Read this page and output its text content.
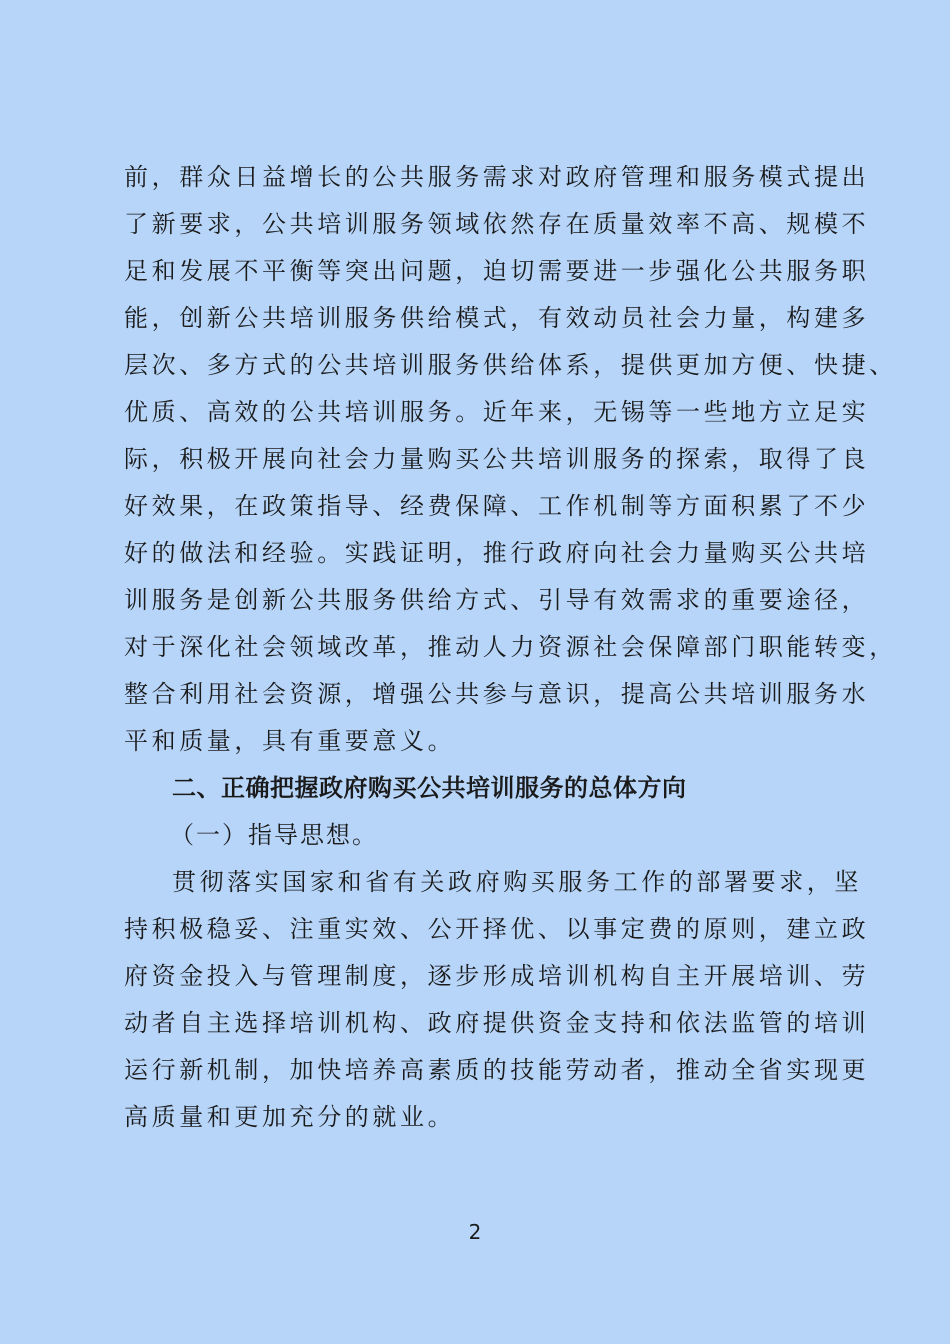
前，群众日益增长的公共服务需求对政府管理和服务模式提出
了新要求，公共培训服务领域依然存在质量效率不高、规模不
足和发展不平衡等突出问题，迫切需要进一步强化公共服务职
能，创新公共培训服务供给模式，有效动员社会力量，构建多
层次、多方式的公共培训服务供给体系，提供更加方便、快捷、
优质、高效的公共培训服务。近年来，无锡等一些地方立足实
际，积极开展向社会力量购买公共培训服务的探索，取得了良
好效果，在政策指导、经费保障、工作机制等方面积累了不少
好的做法和经验。实践证明，推行政府向社会力量购买公共培
训服务是创新公共服务供给方式、引导有效需求的重要途径，
对于深化社会领域改革，推动人力资源社会保障部门职能转变，
整合利用社会资源，增强公共参与意识，提高公共培训服务水
平和质量，具有重要意义。
二、正确把握政府购买公共培训服务的总体方向
（一）指导思想。
贯彻落实国家和省有关政府购买服务工作的部署要求，坚
持积极稳妥、注重实效、公开择优、以事定费的原则，建立政
府资金投入与管理制度，逐步形成培训机构自主开展培训、劳
动者自主选择培训机构、政府提供资金支持和依法监管的培训
运行新机制，加快培养高素质的技能劳动者，推动全省实现更
高质量和更加充分的就业。
2
